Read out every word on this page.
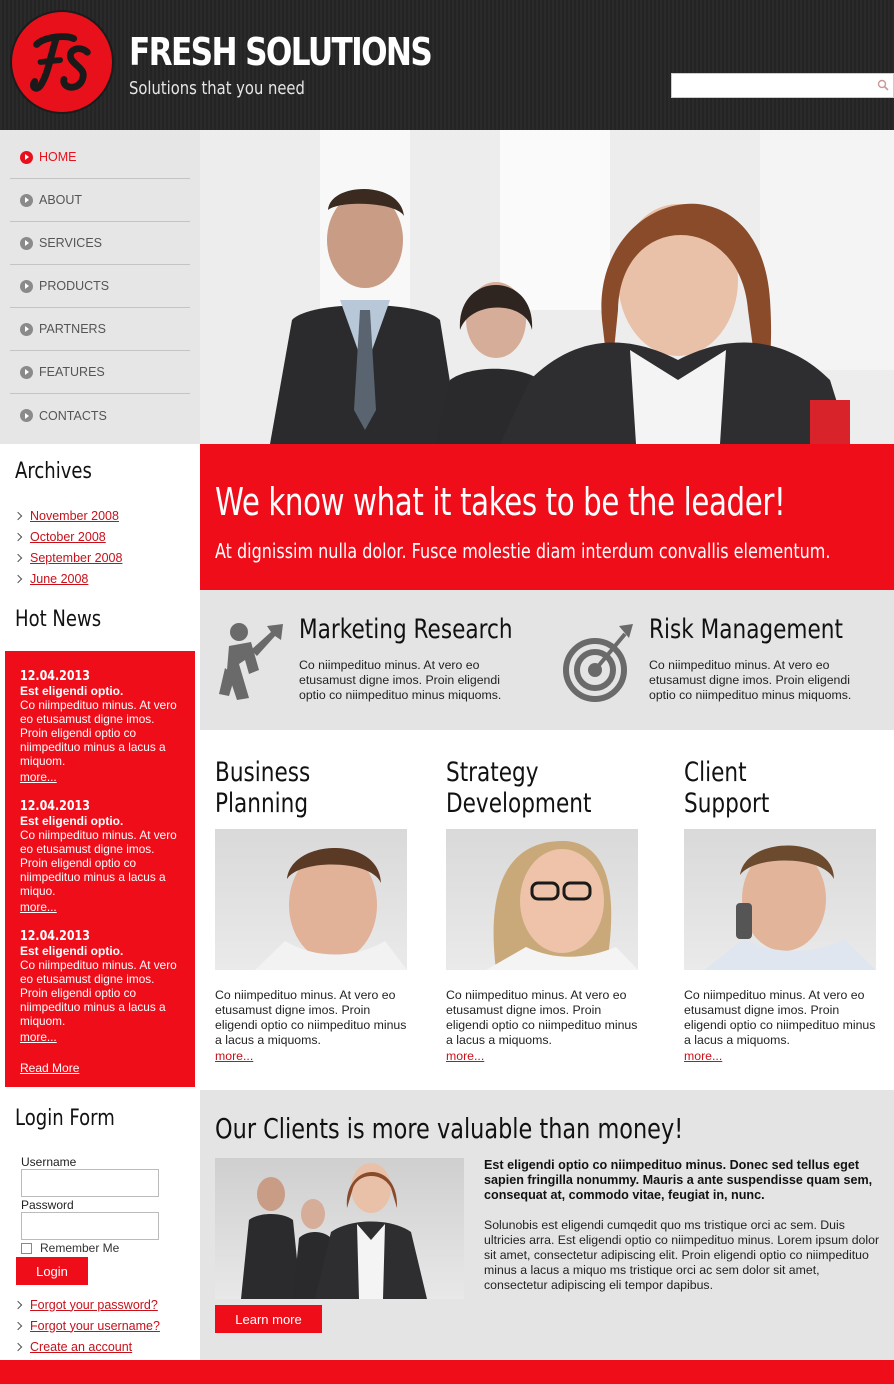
FRESH SOLUTIONS
Solutions that you need
HOME
ABOUT
SERVICES
PRODUCTS
PARTNERS
FEATURES
CONTACTS
Archives
November 2008
October 2008
September 2008
June 2008
Hot News
12.04.2013
Est eligendi optio.
Co niimpedituo minus. At vero eo etusamust digne imos. Proin eligendi optio co niimpedituo minus a lacus a miquom.
more...
12.04.2013
Est eligendi optio.
Co niimpedituo minus. At vero eo etusamust digne imos. Proin eligendi optio co niimpedituo minus a lacus a miquo.
more...
12.04.2013
Est eligendi optio.
Co niimpedituo minus. At vero eo etusamust digne imos. Proin eligendi optio co niimpedituo minus a lacus a miquom.
more...
Read More
Login Form
Username
Password
Remember Me
Login
Forgot your password?
Forgot your username?
Create an account
We know what it takes to be the leader!
At dignissim nulla dolor. Fusce molestie diam interdum convallis elementum.
Marketing Research
Co niimpedituo minus. At vero eo etusamust digne imos. Proin eligendi optio co niimpedituo minus miquoms.
Risk Management
Co niimpedituo minus. At vero eo etusamust digne imos. Proin eligendi optio co niimpedituo minus miquoms.
Business
Planning
Co niimpedituo minus. At vero eo etusamust digne imos. Proin eligendi optio co niimpedituo minus a lacus a miquoms.
more...
Strategy
Development
Co niimpedituo minus. At vero eo etusamust digne imos. Proin eligendi optio co niimpedituo minus a lacus a miquoms.
more...
Client
Support
Co niimpedituo minus. At vero eo etusamust digne imos. Proin eligendi optio co niimpedituo minus a lacus a miquoms.
more...
Our Clients is more valuable than money!
Est eligendi optio co niimpedituo minus. Donec sed tellus eget sapien fringilla nonummy. Mauris a ante suspendisse quam sem, consequat at, commodo vitae, feugiat in, nunc.
Solunobis est eligendi cumqedit quo ms tristique orci ac sem. Duis ultricies arra. Est eligendi optio co niimpedituo minus. Lorem ipsum dolor sit amet, consectetur adipiscing elit. Proin eligendi optio co niimpedituo minus a lacus a miquo ms tristique orci ac sem dolor sit amet, consectetur adipiscing eli tempor dapibus.
Learn more
